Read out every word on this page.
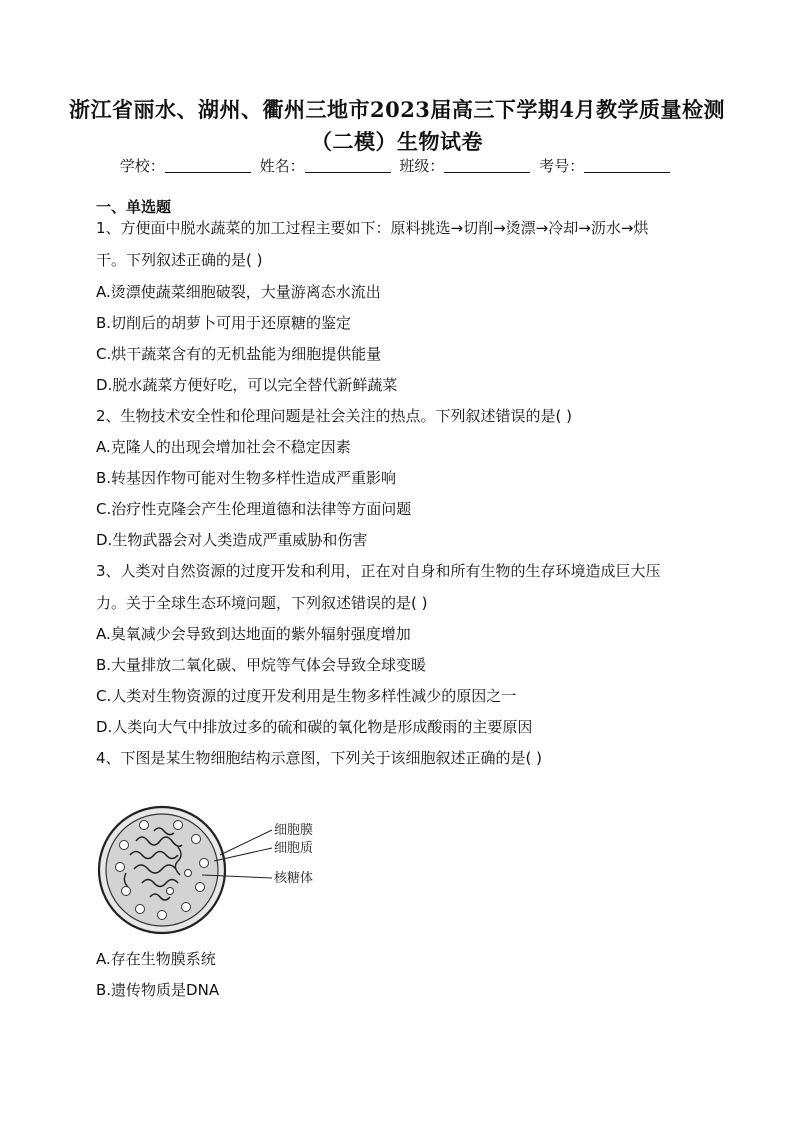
浙江省丽水、湖州、衢州三地市2023届高三下学期4月教学质量检测
（二模）生物试卷
学校：	姓名：	班级：	考号：
一、单选题
1、方便面中脱水蔬菜的加工过程主要如下：原料挑选→切削→烫漂→冷却→沥水→烘
干。下列叙述正确的是( )
A.烫漂使蔬菜细胞破裂，大量游离态水流出
B.切削后的胡萝卜可用于还原糖的鉴定
C.烘干蔬菜含有的无机盐能为细胞提供能量
D.脱水蔬菜方便好吃，可以完全替代新鲜蔬菜
2、生物技术安全性和伦理问题是社会关注的热点。下列叙述错误的是( )
A.克隆人的出现会增加社会不稳定因素
B.转基因作物可能对生物多样性造成严重影响
C.治疗性克隆会产生伦理道德和法律等方面问题
D.生物武器会对人类造成严重威胁和伤害
3、人类对自然资源的过度开发和利用，正在对自身和所有生物的生存环境造成巨大压
力。关于全球生态环境问题，下列叙述错误的是( )
A.臭氧减少会导致到达地面的紫外辐射强度增加
B.大量排放二氧化碳、甲烷等气体会导致全球变暖
C.人类对生物资源的过度开发利用是生物多样性减少的原因之一
D.人类向大气中排放过多的硫和碳的氧化物是形成酸雨的主要原因
4、下图是某生物细胞结构示意图，下列关于该细胞叙述正确的是( )
细胞膜
细胞质
核糖体
A.存在生物膜系统
B.遗传物质是DNA
